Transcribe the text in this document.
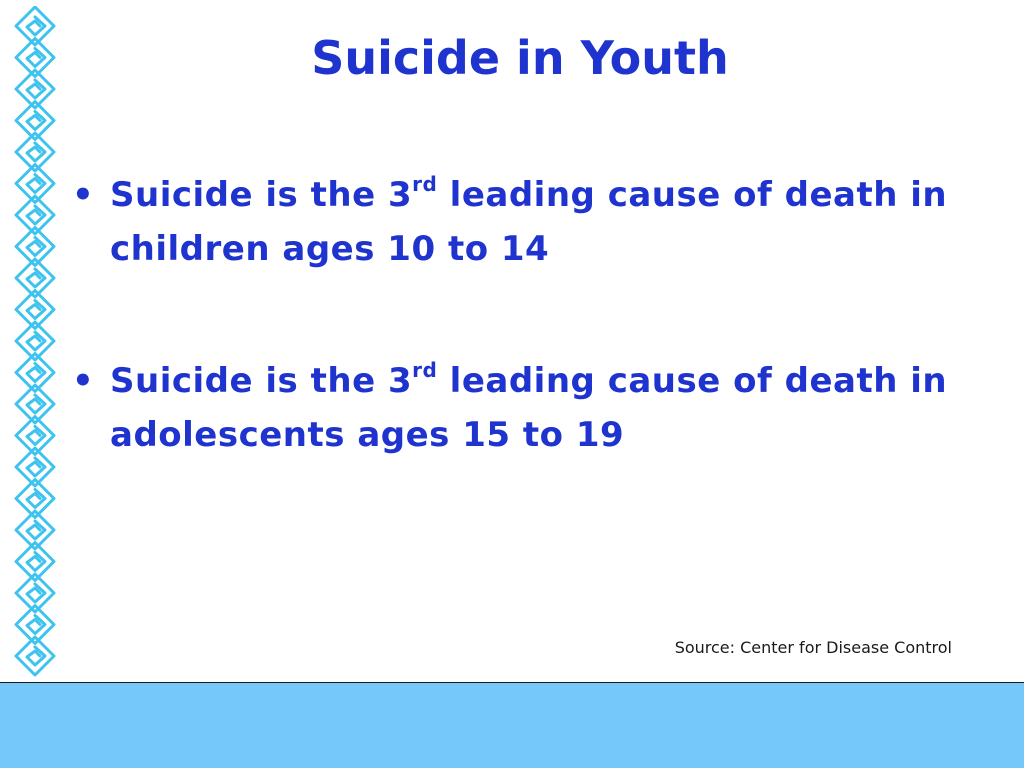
Suicide in Youth
• Suicide is the 3rd leading cause of death in children ages 10 to 14
• Suicide is the 3rd leading cause of death in adolescents ages 15 to 19
Source: Center for Disease Control
